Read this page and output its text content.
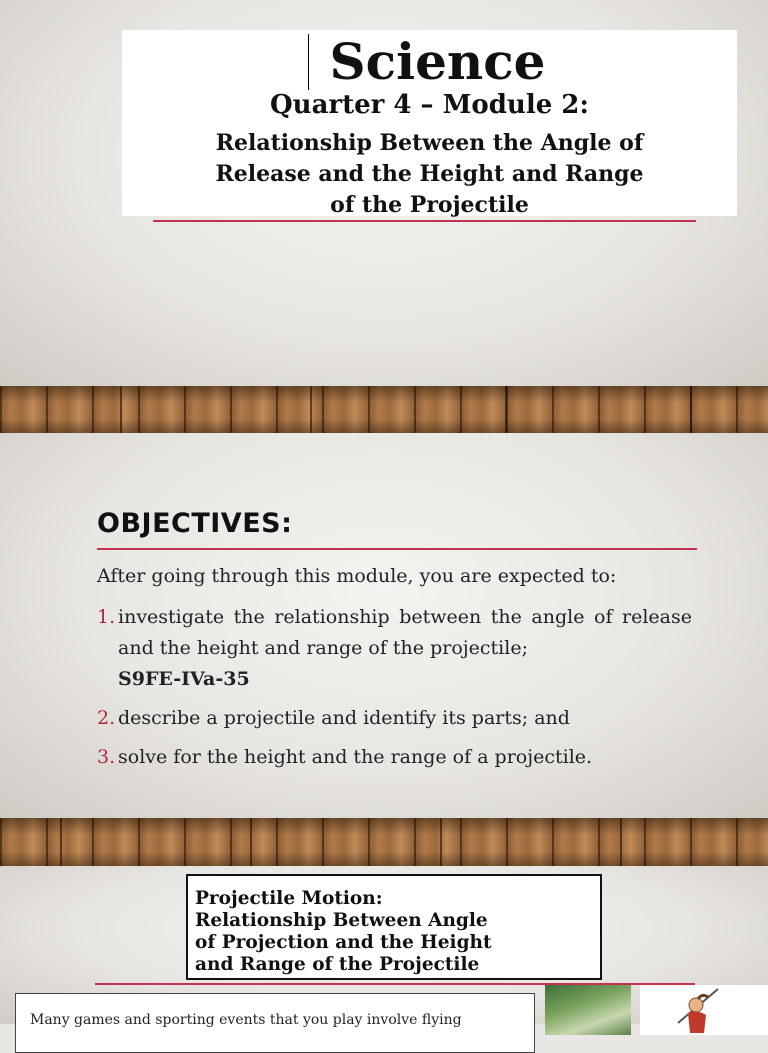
Science
Quarter 4 – Module 2:
Relationship Between the Angle of
Release and the Height and Range
of the Projectile
OBJECTIVES:
After going through this module, you are expected to:
1. investigate the relationship between the angle of release and the height and range of the projectile;
S9FE-IVa-35
2. describe a projectile and identify its parts; and
3. solve for the height and the range of a projectile.
Projectile Motion:
Relationship Between Angle
of Projection and the Height
and Range of the Projectile
Many games and sporting events that you play involve flying
